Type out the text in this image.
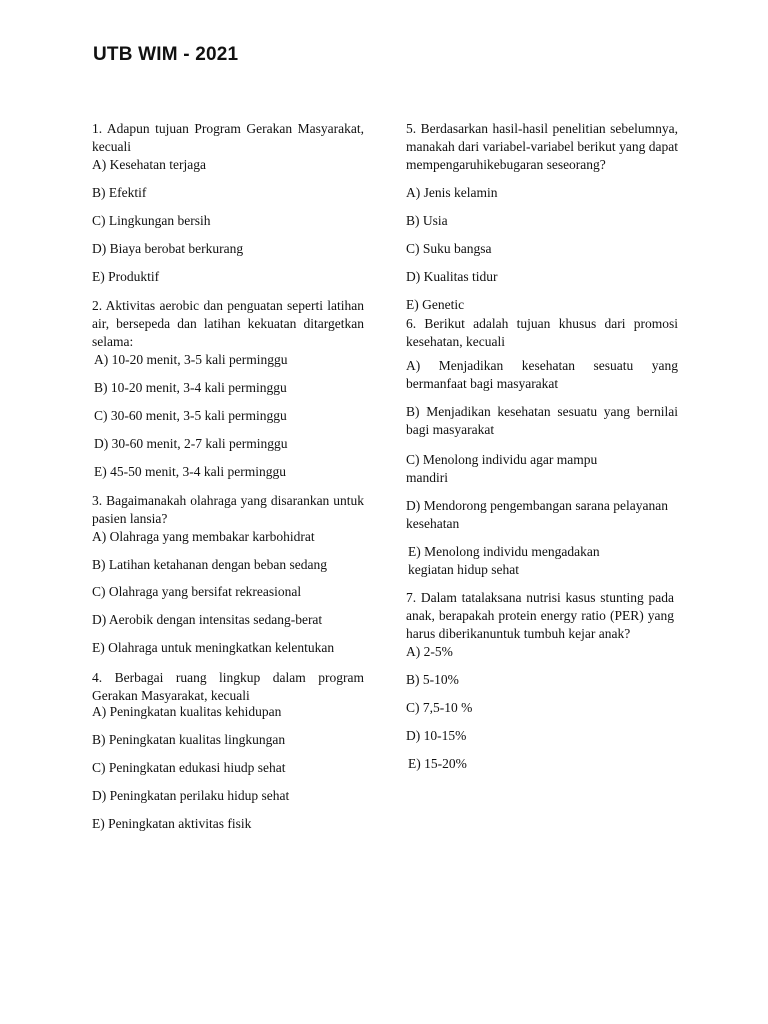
UTB WIM - 2021

1. Adapun tujuan Program Gerakan Masyarakat, kecuali

A) Kesehatan terjaga

B) Efektif

C) Lingkungan bersih

D) Biaya berobat berkurang

E) Produktif

2. Aktivitas aerobic dan penguatan seperti latihan air, bersepeda dan latihan kekuatan ditargetkan selama:

A) 10-20 menit, 3-5 kali perminggu

B) 10-20 menit, 3-4 kali perminggu

C) 30-60 menit, 3-5 kali perminggu

D) 30-60 menit, 2-7 kali perminggu

E) 45-50 menit, 3-4 kali perminggu

3. Bagaimanakah olahraga yang disarankan untuk pasien lansia?

A) Olahraga yang membakar karbohidrat

B) Latihan ketahanan dengan beban sedang

C) Olahraga yang bersifat rekreasional

D) Aerobik dengan intensitas sedang-berat

E) Olahraga untuk meningkatkan kelentukan

4. Berbagai ruang lingkup dalam program Gerakan Masyarakat, kecuali

A) Peningkatan kualitas kehidupan

B) Peningkatan kualitas lingkungan

C) Peningkatan edukasi hiudp sehat

D) Peningkatan perilaku hidup sehat

E) Peningkatan aktivitas fisik

5. Berdasarkan hasil-hasil penelitian sebelumnya, manakah dari variabel-variabel berikut yang dapat mempengaruhikebugaran seseorang?

A) Jenis kelamin

B) Usia

C) Suku bangsa

D) Kualitas tidur

E) Genetic

6. Berikut adalah tujuan khusus dari promosi kesehatan, kecuali

A) Menjadikan kesehatan sesuatu yang bermanfaat bagi masyarakat

B) Menjadikan kesehatan sesuatu yang bernilai bagi masyarakat

C) Menolong individu agar mampu mandiri

D) Mendorong pengembangan sarana pelayanan kesehatan

E) Menolong individu mengadakan kegiatan hidup sehat

7. Dalam tatalaksana nutrisi kasus stunting pada anak, berapakah protein energy ratio (PER) yang harus diberikanuntuk tumbuh kejar anak?

A) 2-5%

B) 5-10%

C) 7,5-10 %

D) 10-15%

E) 15-20%
